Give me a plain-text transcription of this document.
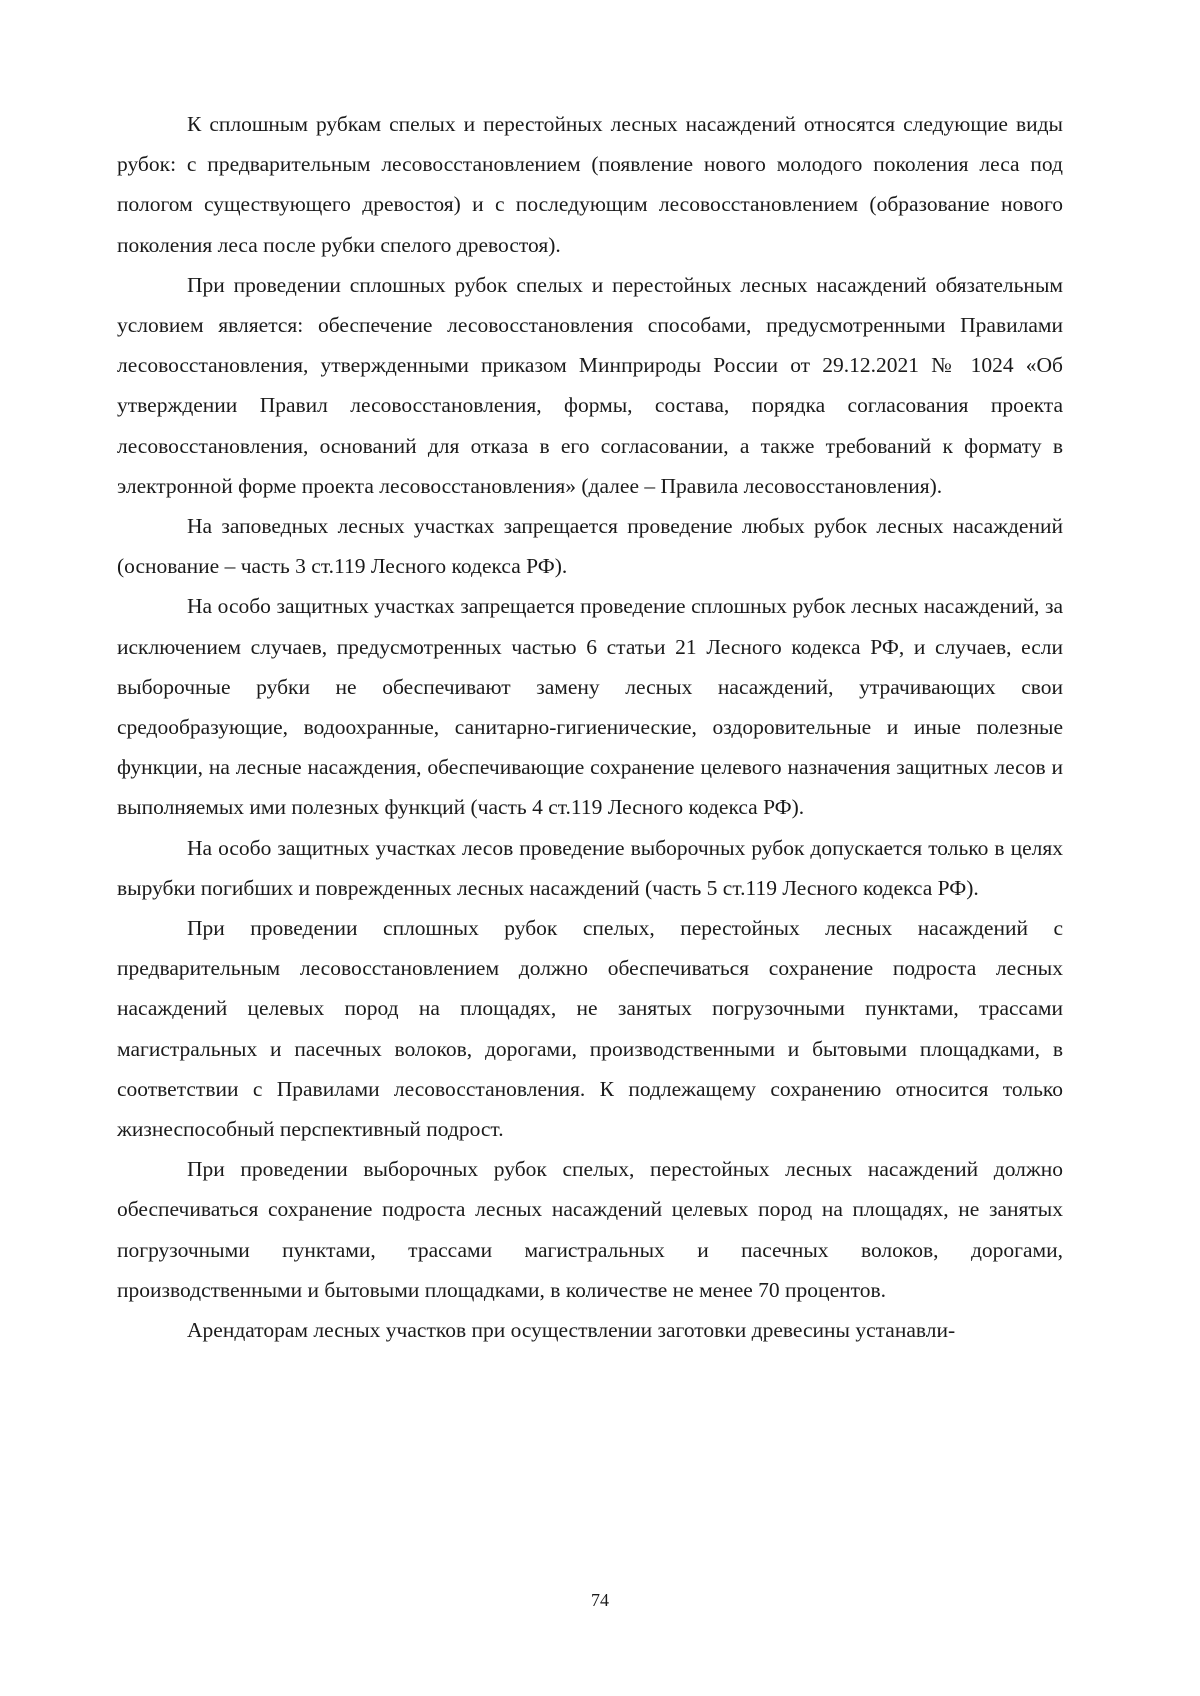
К сплошным рубкам спелых и перестойных лесных насаждений относятся следующие виды рубок: с предварительным лесовосстановлением (появление нового молодого поколения леса под пологом существующего древостоя) и с последующим лесовосстановлением (образование нового поколения леса после рубки спелого древостоя).

При проведении сплошных рубок спелых и перестойных лесных насаждений обязательным условием является: обеспечение лесовосстановления способами, предусмотренными Правилами лесовосстановления, утвержденными приказом Минприроды России от 29.12.2021 № 1024 «Об утверждении Правил лесовосстановления, формы, состава, порядка согласования проекта лесовосстановления, оснований для отказа в его согласовании, а также требований к формату в электронной форме проекта лесовосстановления» (далее – Правила лесовосстановления).

На заповедных лесных участках запрещается проведение любых рубок лесных насаждений (основание – часть 3 ст.119 Лесного кодекса РФ).

На особо защитных участках запрещается проведение сплошных рубок лесных насаждений, за исключением случаев, предусмотренных частью 6 статьи 21 Лесного кодекса РФ, и случаев, если выборочные рубки не обеспечивают замену лесных насаждений, утрачивающих свои средообразующие, водоохранные, санитарно-гигиенические, оздоровительные и иные полезные функции, на лесные насаждения, обеспечивающие сохранение целевого назначения защитных лесов и выполняемых ими полезных функций (часть 4 ст.119 Лесного кодекса РФ).

На особо защитных участках лесов проведение выборочных рубок допускается только в целях вырубки погибших и поврежденных лесных насаждений (часть 5 ст.119 Лесного кодекса РФ).

При проведении сплошных рубок спелых, перестойных лесных насаждений с предварительным лесовосстановлением должно обеспечиваться сохранение подроста лесных насаждений целевых пород на площадях, не занятых погрузочными пунктами, трассами магистральных и пасечных волоков, дорогами, производственными и бытовыми площадками, в соответствии с Правилами лесовосстановления. К подлежащему сохранению относится только жизнеспособный перспективный подрост.

При проведении выборочных рубок спелых, перестойных лесных насаждений должно обеспечиваться сохранение подроста лесных насаждений целевых пород на площадях, не занятых погрузочными пунктами, трассами магистральных и пасечных волоков, дорогами, производственными и бытовыми площадками, в количестве не менее 70 процентов.

Арендаторам лесных участков при осуществлении заготовки древесины устанавли-

74
